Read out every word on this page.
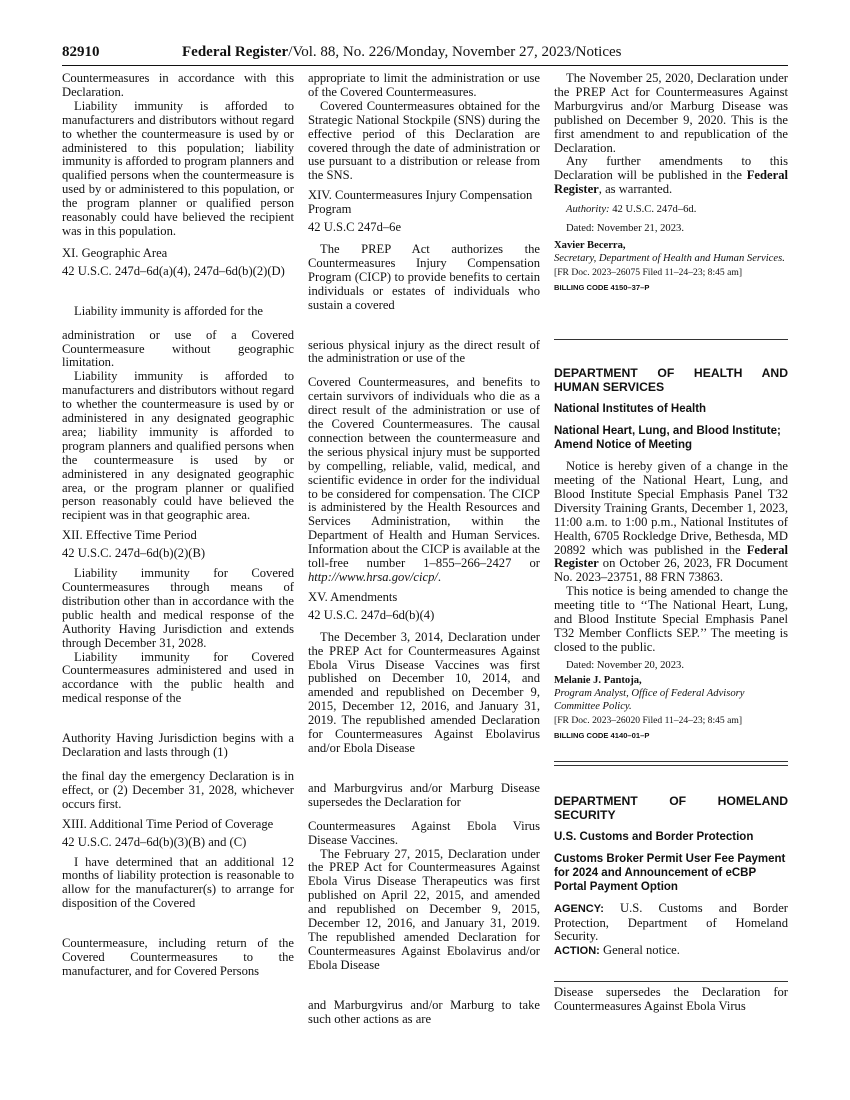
82910	Federal Register/Vol. 88, No. 226/Monday, November 27, 2023/Notices

Countermeasures in accordance with this Declaration.

Liability immunity is afforded to manufacturers and distributors without regard to whether the countermeasure is used by or administered to this population; liability immunity is afforded to program planners and qualified persons when the countermeasure is used by or administered to this population, or the program planner or qualified person reasonably could have believed the recipient was in this population.

XI. Geographic Area

42 U.S.C. 247d–6d(a)(4), 247d–6d(b)(2)(D)

Liability immunity is afforded for the

administration or use of a Covered Countermeasure without geographic limitation.

Liability immunity is afforded to manufacturers and distributors without regard to whether the countermeasure is used by or administered in any designated geographic area; liability immunity is afforded to program planners and qualified persons when the countermeasure is used by or administered in any designated geographic area, or the program planner or qualified person reasonably could have believed the recipient was in that geographic area.

XII. Effective Time Period

42 U.S.C. 247d–6d(b)(2)(B)

Liability immunity for Covered Countermeasures through means of distribution other than in accordance with the public health and medical response of the Authority Having Jurisdiction and extends through December 31, 2028.

Liability immunity for Covered Countermeasures administered and used in accordance with the public health and medical response of the

Authority Having Jurisdiction begins with a Declaration and lasts through (1)

the final day the emergency Declaration is in effect, or (2) December 31, 2028, whichever occurs first.

XIII. Additional Time Period of Coverage

42 U.S.C. 247d–6d(b)(3)(B) and (C)

I have determined that an additional 12 months of liability protection is reasonable to allow for the manufacturer(s) to arrange for disposition of the Covered

Countermeasure, including return of the Covered Countermeasures to the manufacturer, and for Covered Persons

appropriate to limit the administration or use of the Covered Countermeasures.

Covered Countermeasures obtained for the Strategic National Stockpile (SNS) during the effective period of this Declaration are covered through the date of administration or use pursuant to a distribution or release from the SNS.

XIV. Countermeasures Injury Compensation Program

42 U.S.C 247d–6e

The PREP Act authorizes the Countermeasures Injury Compensation Program (CICP) to provide benefits to certain individuals or estates of individuals who sustain a covered

serious physical injury as the direct result of the administration or use of the

Covered Countermeasures, and benefits to certain survivors of individuals who die as a direct result of the administration or use of the Covered Countermeasures. The causal connection between the countermeasure and the serious physical injury must be supported by compelling, reliable, valid, medical, and scientific evidence in order for the individual to be considered for compensation. The CICP is administered by the Health Resources and Services Administration, within the Department of Health and Human Services. Information about the CICP is available at the toll-free number 1–855–266–2427 or http://www.hrsa.gov/cicp/.

XV. Amendments

42 U.S.C. 247d–6d(b)(4)

The December 3, 2014, Declaration under the PREP Act for Countermeasures Against Ebola Virus Disease Vaccines was first published on December 10, 2014, and amended and republished on December 9, 2015, December 12, 2016, and January 31, 2019. The republished amended Declaration for Countermeasures Against Ebolavirus and/or Ebola Disease

and Marburgvirus and/or Marburg Disease supersedes the Declaration for

Countermeasures Against Ebola Virus Disease Vaccines.

The February 27, 2015, Declaration under the PREP Act for Countermeasures Against Ebola Virus Disease Therapeutics was first published on April 22, 2015, and amended and republished on December 9, 2015, December 12, 2016, and January 31, 2019. The republished amended Declaration for Countermeasures Against Ebolavirus and/or Ebola Disease

and Marburgvirus and/or Marburg to take such other actions as are

The November 25, 2020, Declaration under the PREP Act for Countermeasures Against Marburgvirus and/or Marburg Disease was published on December 9, 2020. This is the first amendment to and republication of the Declaration.

Any further amendments to this Declaration will be published in the Federal Register, as warranted.

Authority: 42 U.S.C. 247d–6d.

Dated: November 21, 2023.

Xavier Becerra,

Secretary, Department of Health and Human Services.

[FR Doc. 2023–26075 Filed 11–24–23; 8:45 am]

BILLING CODE 4150–37–P

DEPARTMENT OF HEALTH AND HUMAN SERVICES

National Institutes of Health

National Heart, Lung, and Blood Institute; Amend Notice of Meeting

Notice is hereby given of a change in the meeting of the National Heart, Lung, and Blood Institute Special Emphasis Panel T32 Diversity Training Grants, December 1, 2023, 11:00 a.m. to 1:00 p.m., National Institutes of Health, 6705 Rockledge Drive, Bethesda, MD 20892 which was published in the Federal Register on October 26, 2023, FR Document No. 2023–23751, 88 FRN 73863.

This notice is being amended to change the meeting title to ‘‘The National Heart, Lung, and Blood Institute Special Emphasis Panel T32 Member Conflicts SEP.’’ The meeting is closed to the public.

Dated: November 20, 2023.

Melanie J. Pantoja,

Program Analyst, Office of Federal Advisory Committee Policy.

[FR Doc. 2023–26020 Filed 11–24–23; 8:45 am]

BILLING CODE 4140–01–P

DEPARTMENT OF HOMELAND SECURITY

U.S. Customs and Border Protection

Customs Broker Permit User Fee Payment for 2024 and Announcement of eCBP Portal Payment Option

AGENCY: U.S. Customs and Border Protection, Department of Homeland Security.

ACTION: General notice.

Disease supersedes the Declaration for Countermeasures Against Ebola Virus
